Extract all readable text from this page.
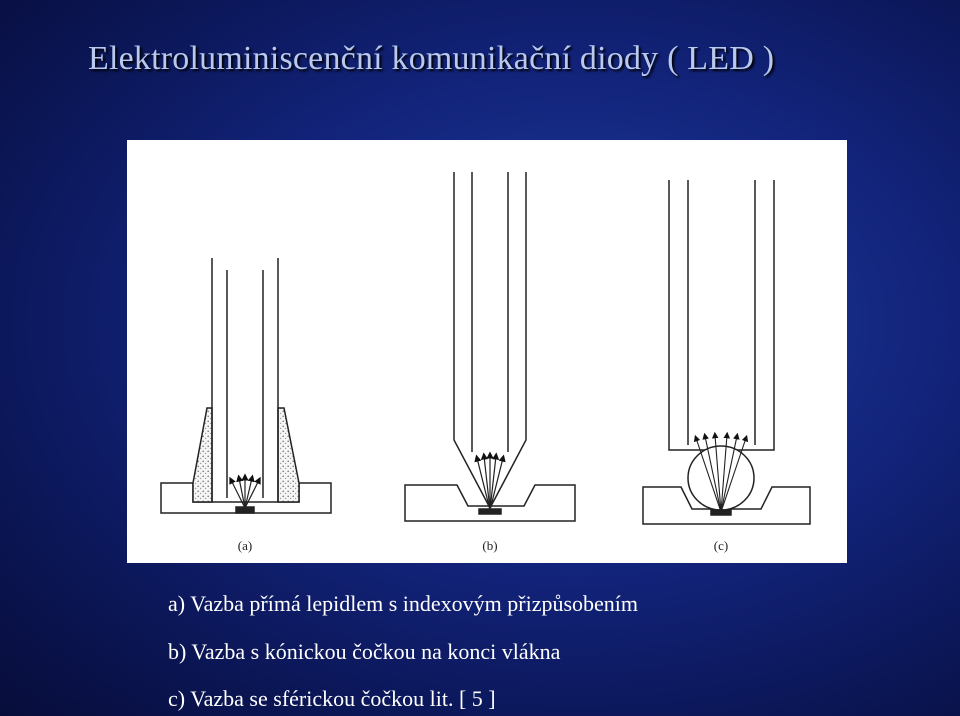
Elektroluminiscenční komunikační diody ( LED )
(a)	(b)	(c)
a) Vazba přímá lepidlem s indexovým přizpůsobením
b) Vazba s kónickou čočkou na konci vlákna
c) Vazba se sférickou čočkou lit. [ 5 ]
